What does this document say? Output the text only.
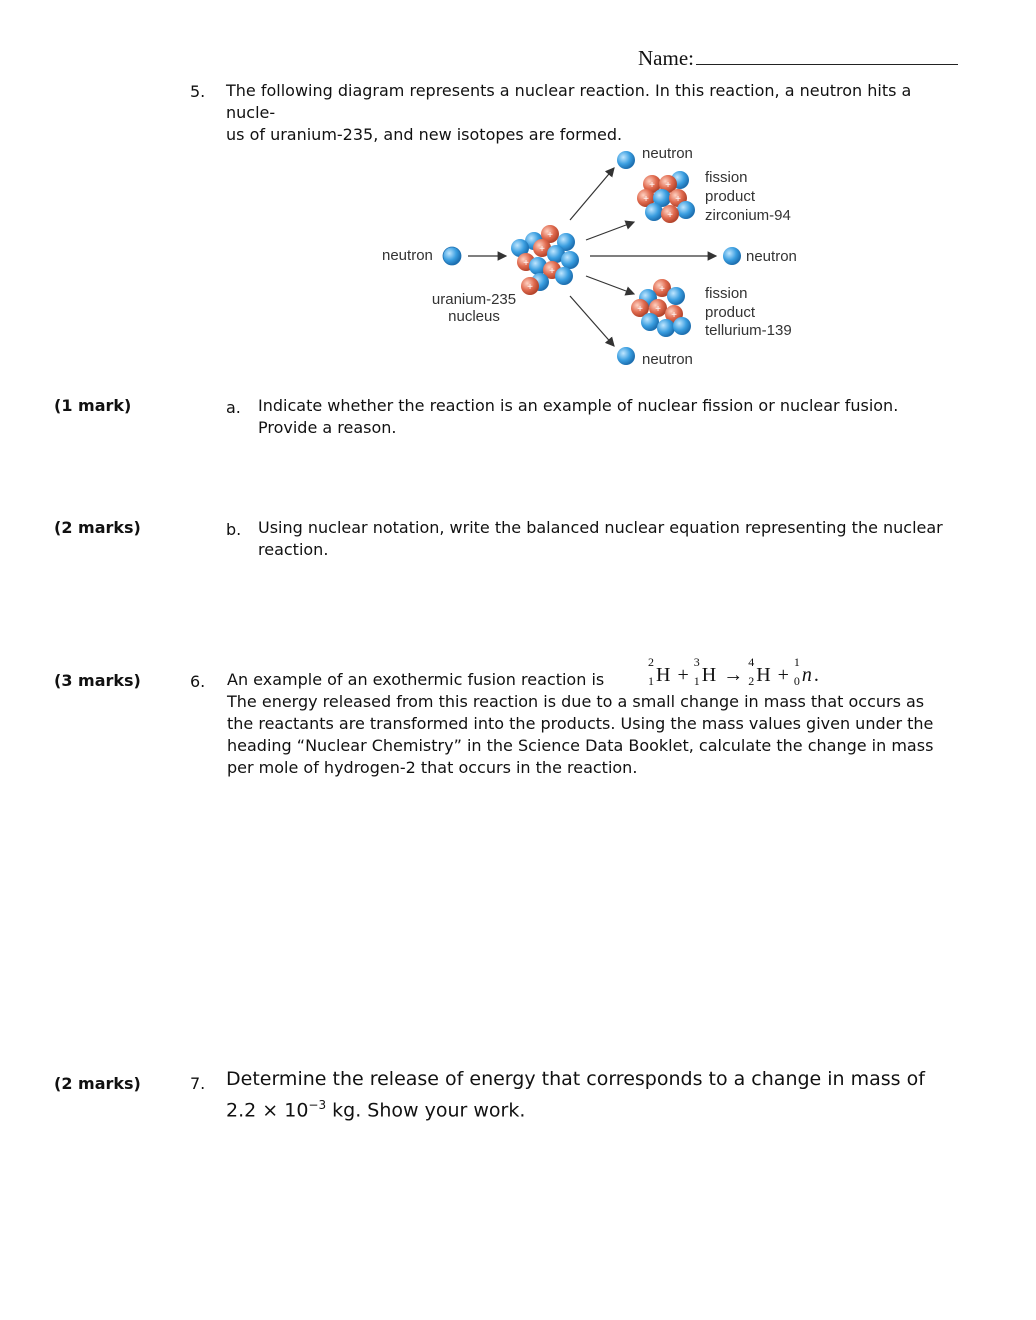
Name:
5. The following diagram represents a nuclear reaction. In this reaction, a neutron hits a nucle-
us of uranium-235, and new isotopes are formed.
neutron
+
+
+
+
+
uranium-235
nucleus
neutron
+ +
+	+
+
fission
product
zirconium-94
neutron
+
+ +
+
fission
product
tellurium-139
neutron
(1 mark)	a. Indicate whether the reaction is an example of nuclear fission or nuclear fusion. Provide a reason.
(2 marks)	b. Using nuclear notation, write the balanced nuclear equation representing the nuclear reaction.
(3 marks)	6. An example of an exothermic fusion reaction is
2
1 H +
3
1 H →
4
2 H +
1
0 n .
The energy released from this reaction is due to a small change in mass that occurs as the reactants are transformed into the products. Using the mass values given under the heading “Nuclear Chemistry” in the Science Data Booklet, calculate the change in mass per mole of hydrogen-2 that occurs in the reaction.
(2 marks)	7. Determine the release of energy that corresponds to a change in mass of $2.2 \times 10^{-3}$ kg. Show your work.
